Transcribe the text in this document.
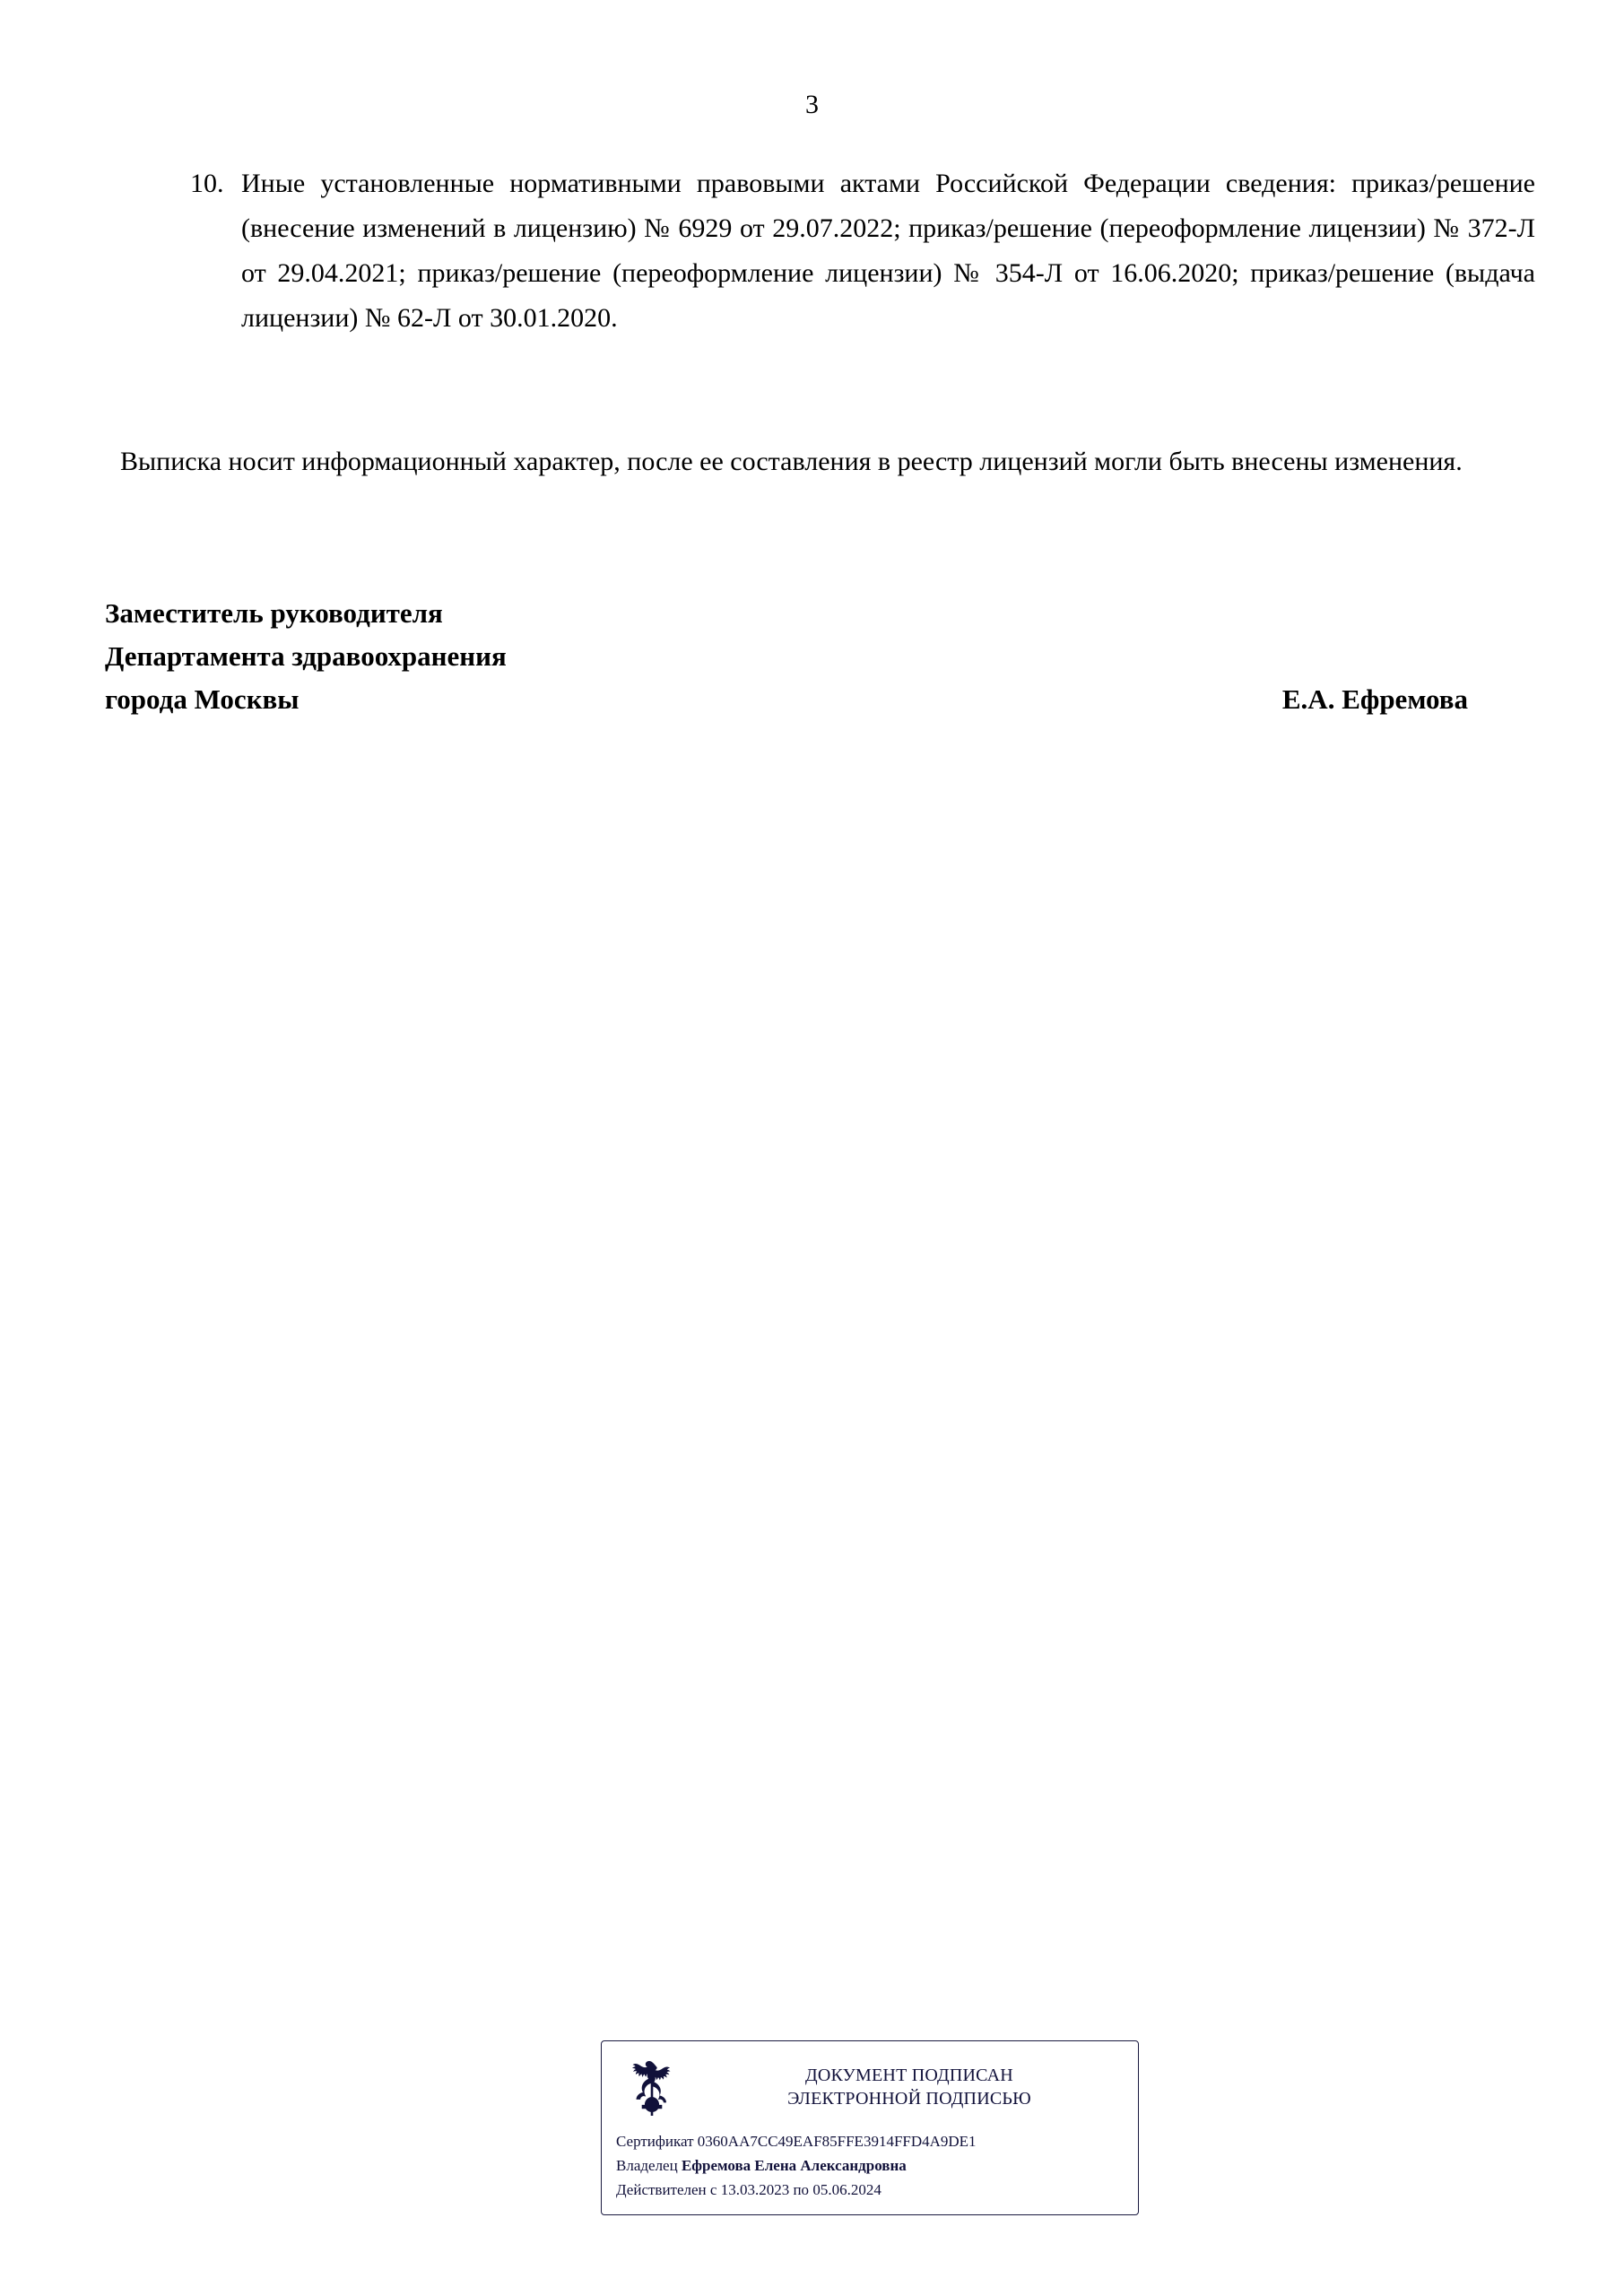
3
10. Иные установленные нормативными правовыми актами Российской Федерации сведения: приказ/решение (внесение изменений в лицензию) № 6929 от 29.07.2022; приказ/решение (переоформление лицензии) № 372-Л от 29.04.2021; приказ/решение (переоформление лицензии) № 354-Л от 16.06.2020; приказ/решение (выдача лицензии) № 62-Л от 30.01.2020.
Выписка носит информационный характер, после ее составления в реестр лицензий могли быть внесены изменения.
Заместитель руководителя
Департамента здравоохранения
города Москвы	Е.А. Ефремова
ДОКУМЕНТ ПОДПИСАН
ЭЛЕКТРОННОЙ ПОДПИСЬЮ
Сертификат 0360AA7CC49EAF85FFE3914FFD4A9DE1
Владелец Ефремова Елена Александровна
Действителен с 13.03.2023 по 05.06.2024
